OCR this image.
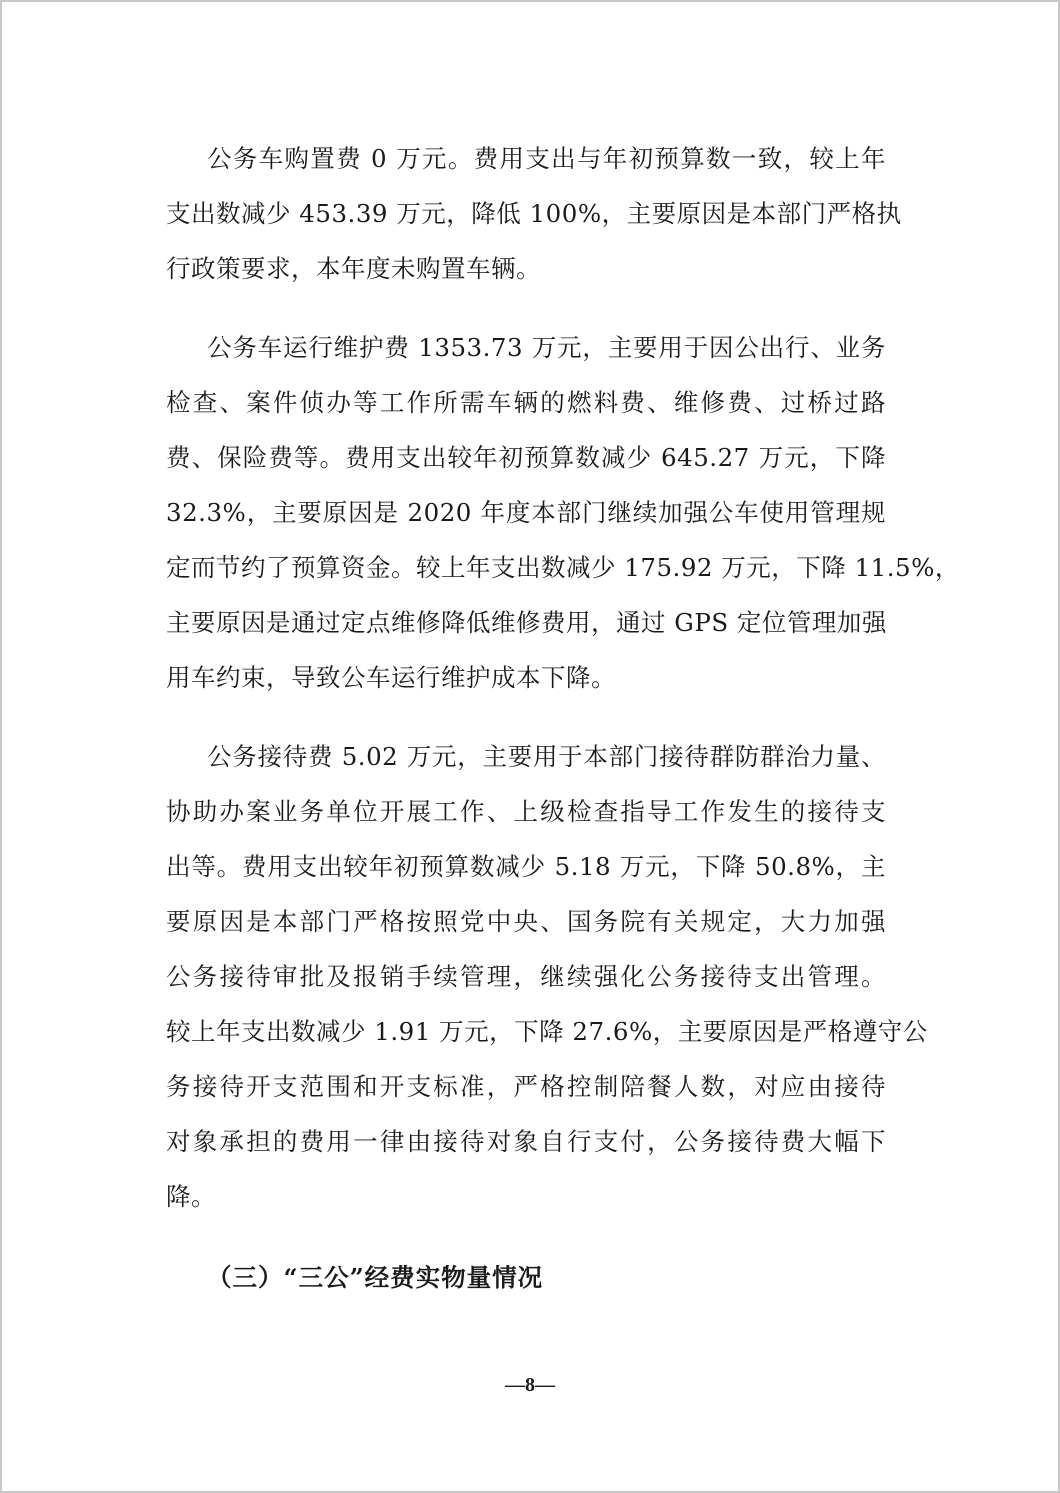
公务车购置费 0 万元。费用支出与年初预算数一致，较上年
支出数减少 453.39 万元，降低 100%，主要原因是本部门严格执
行政策要求，本年度未购置车辆。
公务车运行维护费 1353.73 万元，主要用于因公出行、业务
检查、案件侦办等工作所需车辆的燃料费、维修费、过桥过路
费、保险费等。费用支出较年初预算数减少 645.27 万元，下降
32.3%，主要原因是 2020 年度本部门继续加强公车使用管理规
定而节约了预算资金。较上年支出数减少 175.92 万元，下降 11.5%，
主要原因是通过定点维修降低维修费用，通过 GPS 定位管理加强
用车约束，导致公车运行维护成本下降。
公务接待费 5.02 万元，主要用于本部门接待群防群治力量、
协助办案业务单位开展工作、上级检查指导工作发生的接待支
出等。费用支出较年初预算数减少 5.18 万元，下降 50.8%，主
要原因是本部门严格按照党中央、国务院有关规定，大力加强
公务接待审批及报销手续管理，继续强化公务接待支出管理。
较上年支出数减少 1.91 万元，下降 27.6%，主要原因是严格遵守公
务接待开支范围和开支标准，严格控制陪餐人数，对应由接待
对象承担的费用一律由接待对象自行支付，公务接待费大幅下
降。
（三）“三公”经费实物量情况
—8—
